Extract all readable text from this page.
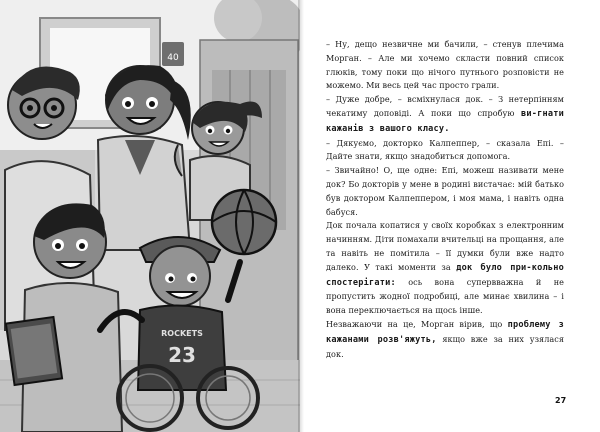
40
ROCKETS
23

– Ну, дещо незвичне ми бачили, – стенув плечима Морган. – Але ми хочемо скласти повний список глюків, тому поки що нічого путнього розповісти не можемо. Ми весь цей час просто грали.

– Дуже добре, – всміхнулася док. – З нетерпінням чекатиму доповіді. А поки що спробую ви-гнати кажанів з вашого класу.

– Дякуємо, докторко Калпеппер, – сказала Епі. – Дайте знати, якщо знадобиться допомога.

– Звичайно! О, ще одне: Епі, можеш називати мене док? Бо докторів у мене в родині вистачає: мій батько був доктором Калпеппером, і моя мама, і навіть одна бабуся.

Док почала копатися у своїх коробках з електронним начинням. Діти помахали вчительці на прощання, але та навіть не помітила – її думки були вже надто далеко. У такі моменти за док було при-кольно спостерігати: ось вона супервважна й не пропустить жодної подробиці, але минає хвилина – і вона переключається на щось інше.

Незважаючи на це, Морган вірив, що проблему з кажанами розв'яжуть, якщо вже за них узялася док.

27
